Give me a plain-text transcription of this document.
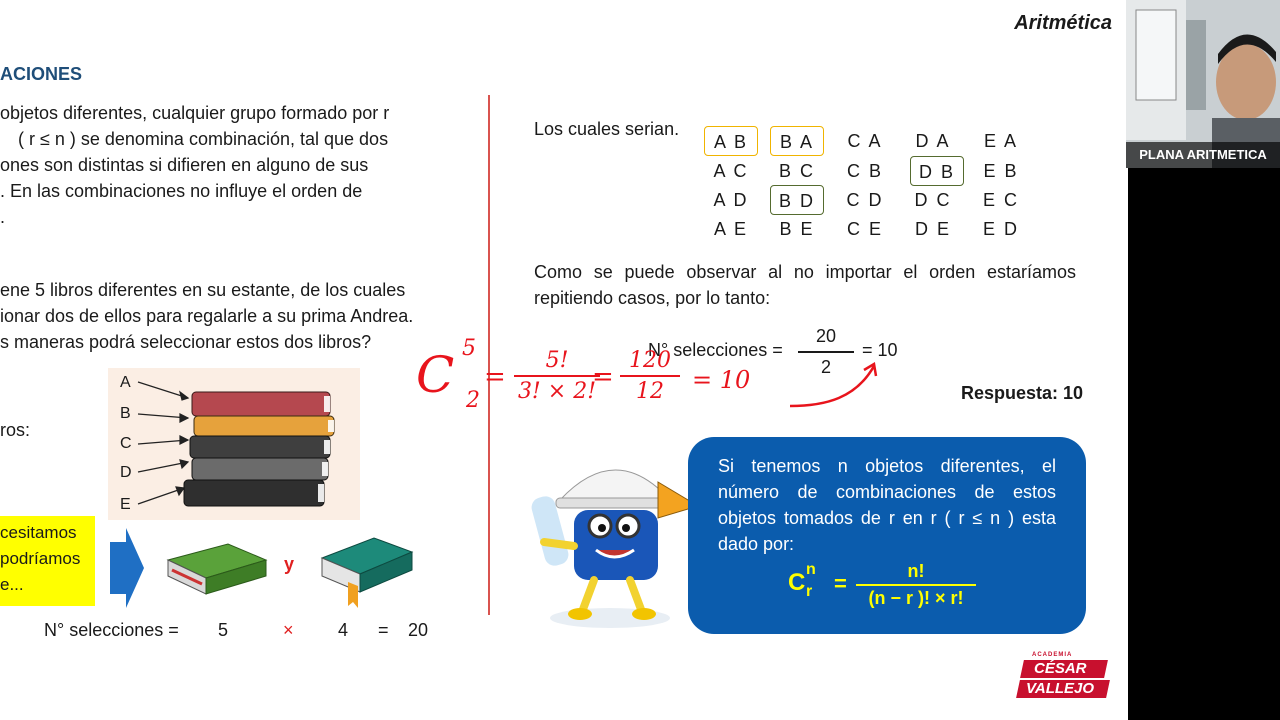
Aritmética
ACIONES
objetos diferentes, cualquier grupo formado por r
( r ≤ n ) se denomina combinación, tal que dos
ones son distintas si difieren en alguno de sus
. En las combinaciones no influye el orden de
.
ene 5 libros diferentes en su estante, de los cuales
ionar dos de ellos para regalarle a su prima Andrea.
s maneras podrá seleccionar estos dos libros?
ros:
A
B
C
D
E
cesitamos
podríamos
e...
y
N° selecciones = 5	× 4 = 20
Los cuales serian.
A B	B A	C A	D A	E A
A C	B C	C B	D B	E B
A D	B D	C D	D C	E C
A E	B E	C E	D E	E D
Como se puede observar al no importar el orden estaríamos repitiendo casos, por lo tanto:
N° selecciones =
20
2
= 10
Respuesta: 10
C 5
2
=
5!
3! × 2!
=
120
12	= 10
Si tenemos n objetos diferentes, el número de combinaciones de estos objetos tomados de r en r ( r ≤ n ) esta dado por:
C n
r =	n!
(n − r )! × r!
ACADEMIA
CÉSAR
VALLEJO
PLANA ARITMETICA
